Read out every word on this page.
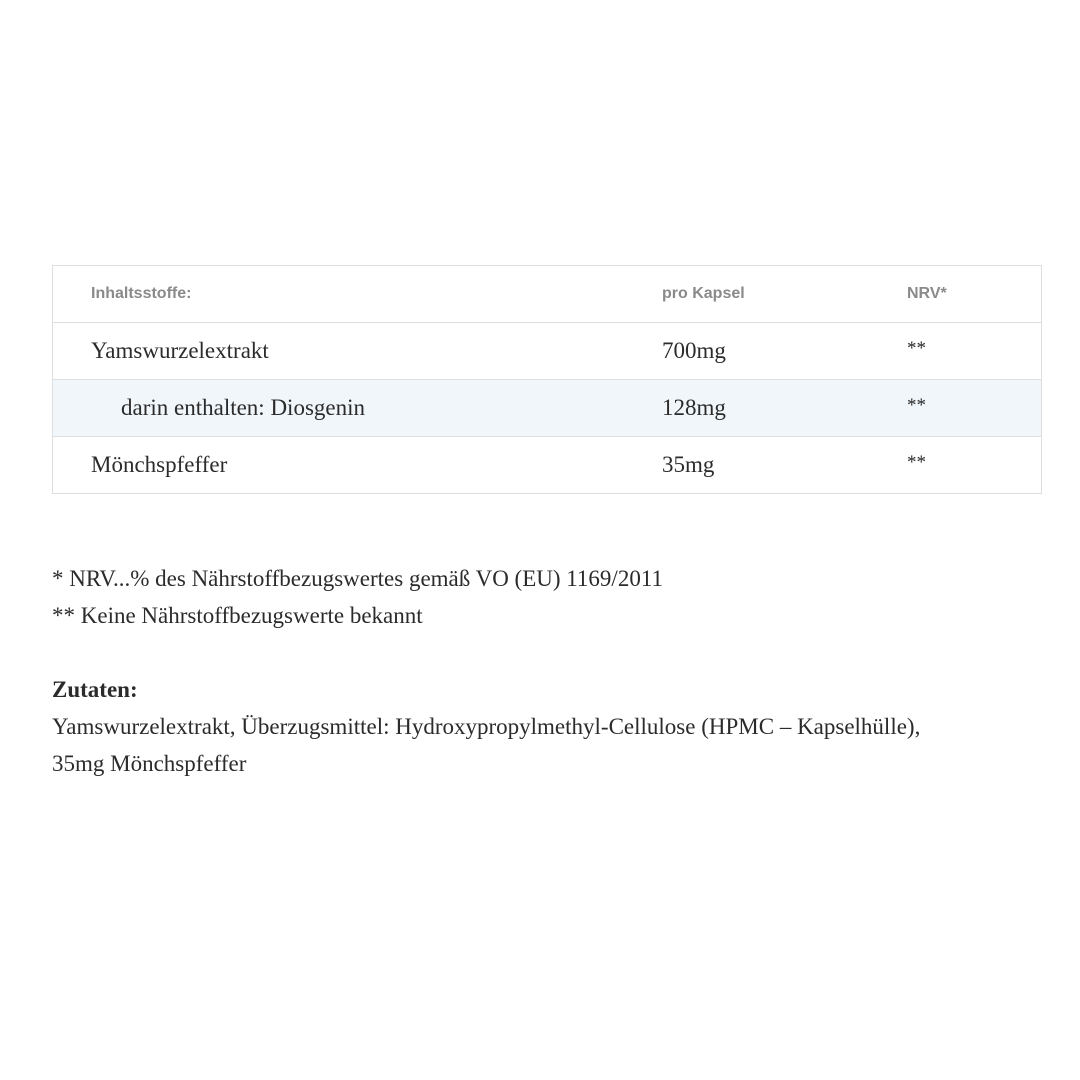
Inhaltsstoffe:	pro Kapsel	NRV*
Yamswurzelextrakt	700mg	**
darin enthalten: Diosgenin	128mg	**
Mönchspfeffer	35mg	**

* NRV...% des Nährstoffbezugswertes gemäß VO (EU) 1169/2011

** Keine Nährstoffbezugswerte bekannt

Zutaten:

Yamswurzelextrakt, Überzugsmittel: Hydroxypropylmethyl-Cellulose (HPMC – Kapselhülle), 35mg Mönchspfeffer
